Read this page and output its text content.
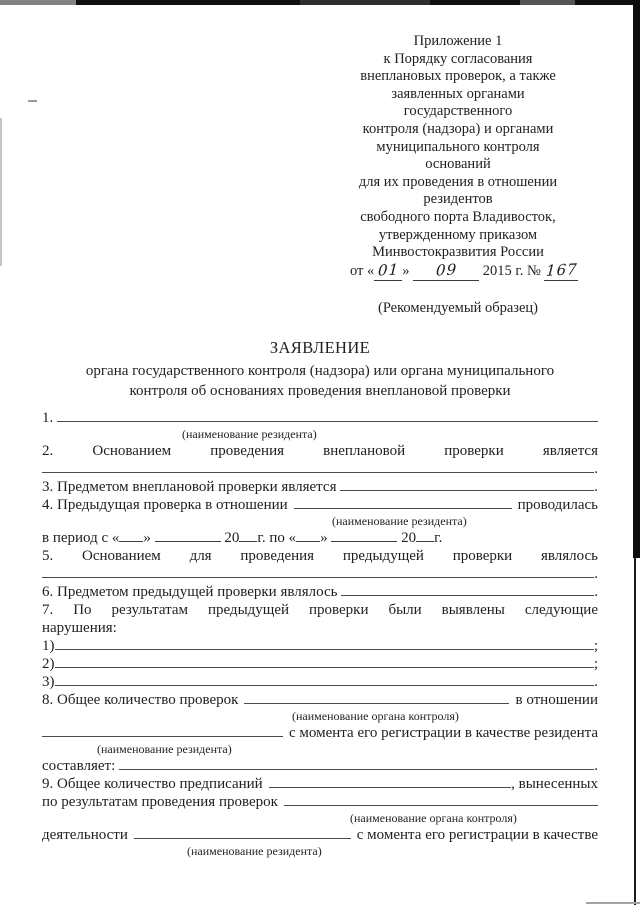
Приложение 1
к Порядку согласования
внеплановых проверок, а также
заявленных органами
государственного
контроля (надзора) и органами
муниципального контроля
оснований
для их проведения в отношении
резидентов
свободного порта Владивосток,
утвержденному приказом
Минвостокразвития России
от « 01 » 09 2015 г. № 167
(Рекомендуемый образец)
ЗАЯВЛЕНИЕ
органа государственного контроля (надзора) или органа муниципального
контроля об основаниях проведения внеплановой проверки
1.
(наименование резидента)
2. Основанием проведения внеплановой проверки является
.
3. Предметом внеплановой проверки является	.
4. Предыдущая проверка в отношении	проводилась
(наименование резидента)
в период с « »	20 г. по « »	20 г.
5. Основанием для проведения предыдущей проверки являлось
.
6. Предметом предыдущей проверки являлось	.
7. По результатам предыдущей проверки были выявлены следующие
нарушения:
1)	;
2)	;
3)	.
8. Общее количество проверок	в отношении
(наименование органа контроля)
с момента его регистрации в качестве резидента
(наименование резидента)
составляет:	.
9. Общее количество предписаний	, вынесенных
по результатам проведения проверок
(наименование органа контроля)
деятельности	с момента его регистрации в качестве
(наименование резидента)
